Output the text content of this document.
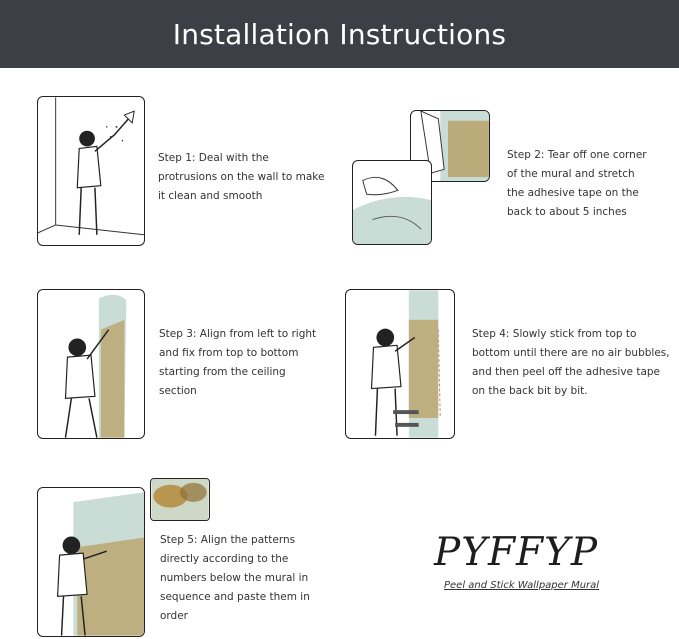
Installation Instructions
Step 1: Deal with the protrusions on the wall to make it clean and smooth
Step 2: Tear off one corner of the mural and stretch the adhesive tape on the back to about 5 inches
Step 3: Align from left to right and fix from top to bottom starting from the ceiling section
Step 4: Slowly stick from top to bottom until there are no air bubbles, and then peel off the adhesive tape on the back bit by bit.
Step 5: Align the patterns directly according to the numbers below the mural in sequence and paste them in order
PYFFYP
Peel and Stick Wallpaper Mural
